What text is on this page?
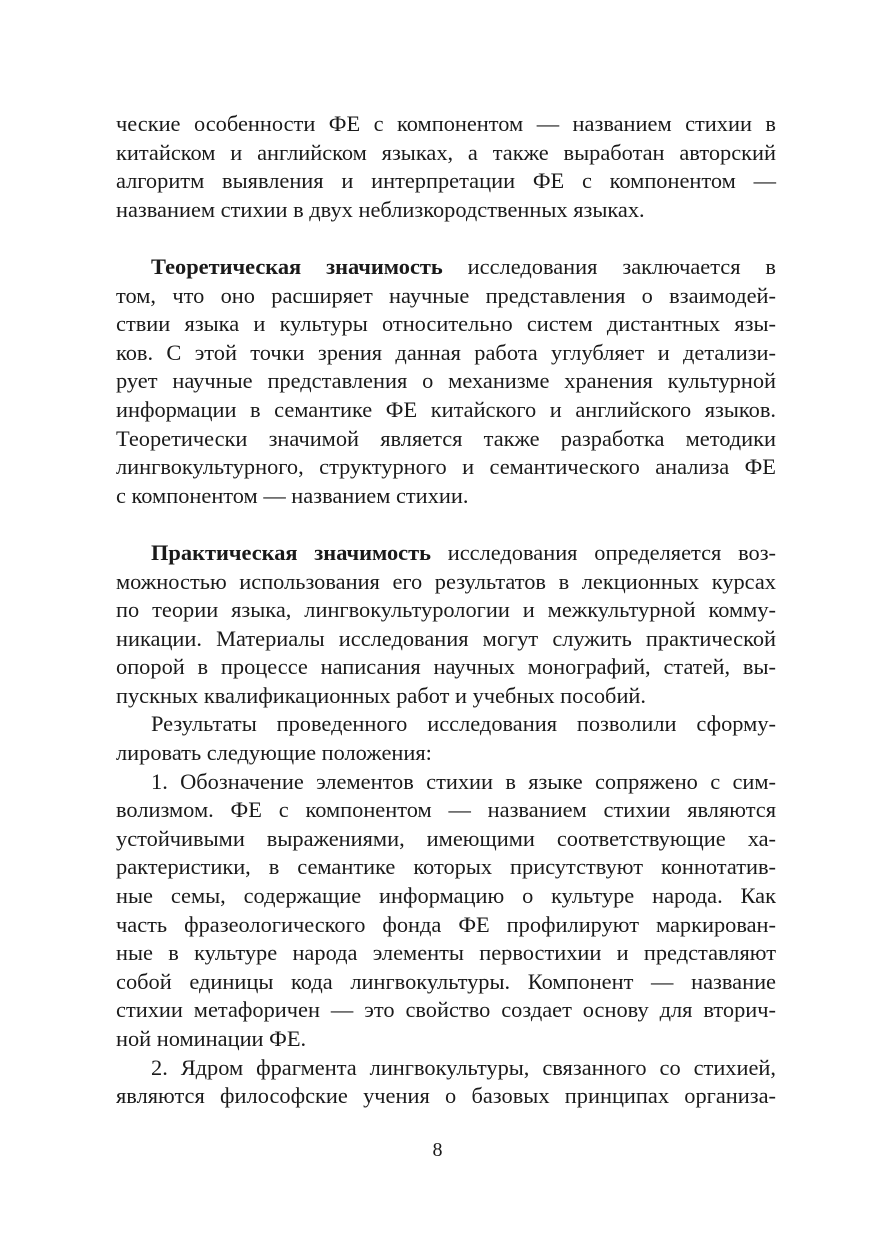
ческие особенности ФЕ с компонентом — названием стихии в
китайском и английском языках, а также выработан авторский
алгоритм выявления и интерпретации ФЕ с компонентом —
названием стихии в двух неблизкородственных языках.
Теоретическая значимость исследования заключается в
том, что оно расширяет научные представления о взаимодей-
ствии языка и культуры относительно систем дистантных язы-
ков. С этой точки зрения данная работа углубляет и детализи-
рует научные представления о механизме хранения культурной
информации в семантике ФЕ китайского и английского языков.
Теоретически значимой является также разработка методики
лингвокультурного, структурного и семантического анализа ФЕ
с компонентом — названием стихии.
Практическая значимость исследования определяется воз-
можностью использования его результатов в лекционных курсах
по теории языка, лингвокультурологии и межкультурной комму-
никации. Материалы исследования могут служить практической
опорой в процессе написания научных монографий, статей, вы-
пускных квалификационных работ и учебных пособий.
Результаты проведенного исследования позволили сформу-
лировать следующие положения:
1. Обозначение элементов стихии в языке сопряжено с сим-
волизмом. ФЕ с компонентом — названием стихии являются
устойчивыми выражениями, имеющими соответствующие ха-
рактеристики, в семантике которых присутствуют коннотатив-
ные семы, содержащие информацию о культуре народа. Как
часть фразеологического фонда ФЕ профилируют маркирован-
ные в культуре народа элементы первостихии и представляют
собой единицы кода лингвокультуры. Компонент — название
стихии метафоричен — это свойство создает основу для вторич-
ной номинации ФЕ.
2. Ядром фрагмента лингвокультуры, связанного со стихией,
являются философские учения о базовых принципах организа-
8
